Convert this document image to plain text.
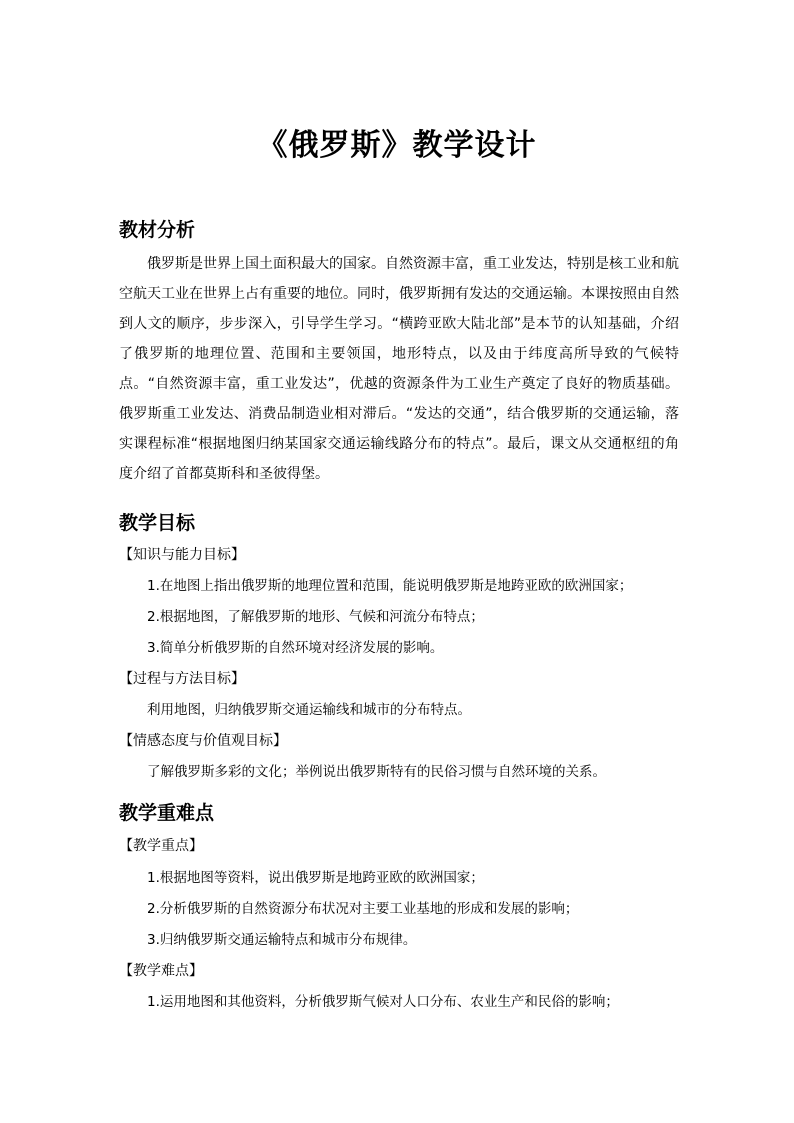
《俄罗斯》教学设计
教材分析

俄罗斯是世界上国土面积最大的国家。自然资源丰富，重工业发达，特别是核工业和航空航天工业在世界上占有重要的地位。同时，俄罗斯拥有发达的交通运输。本课按照由自然到人文的顺序，步步深入，引导学生学习。“横跨亚欧大陆北部”是本节的认知基础，介绍了俄罗斯的地理位置、范围和主要领国，地形特点，以及由于纬度高所导致的气候特点。“自然资源丰富，重工业发达”，优越的资源条件为工业生产奠定了良好的物质基础。俄罗斯重工业发达、消费品制造业相对滞后。“发达的交通”，结合俄罗斯的交通运输，落实课程标准“根据地图归纳某国家交通运输线路分布的特点”。最后，课文从交通枢纽的角度介绍了首都莫斯科和圣彼得堡。

教学目标
【知识与能力目标】
1.在地图上指出俄罗斯的地理位置和范围，能说明俄罗斯是地跨亚欧的欧洲国家；
2.根据地图，了解俄罗斯的地形、气候和河流分布特点；
3.简单分析俄罗斯的自然环境对经济发展的影响。
【过程与方法目标】
利用地图，归纳俄罗斯交通运输线和城市的分布特点。
【情感态度与价值观目标】
了解俄罗斯多彩的文化；举例说出俄罗斯特有的民俗习惯与自然环境的关系。
教学重难点
【教学重点】
1.根据地图等资料，说出俄罗斯是地跨亚欧的欧洲国家；
2.分析俄罗斯的自然资源分布状况对主要工业基地的形成和发展的影响；
3.归纳俄罗斯交通运输特点和城市分布规律。
【教学难点】
1.运用地图和其他资料，分析俄罗斯气候对人口分布、农业生产和民俗的影响；
